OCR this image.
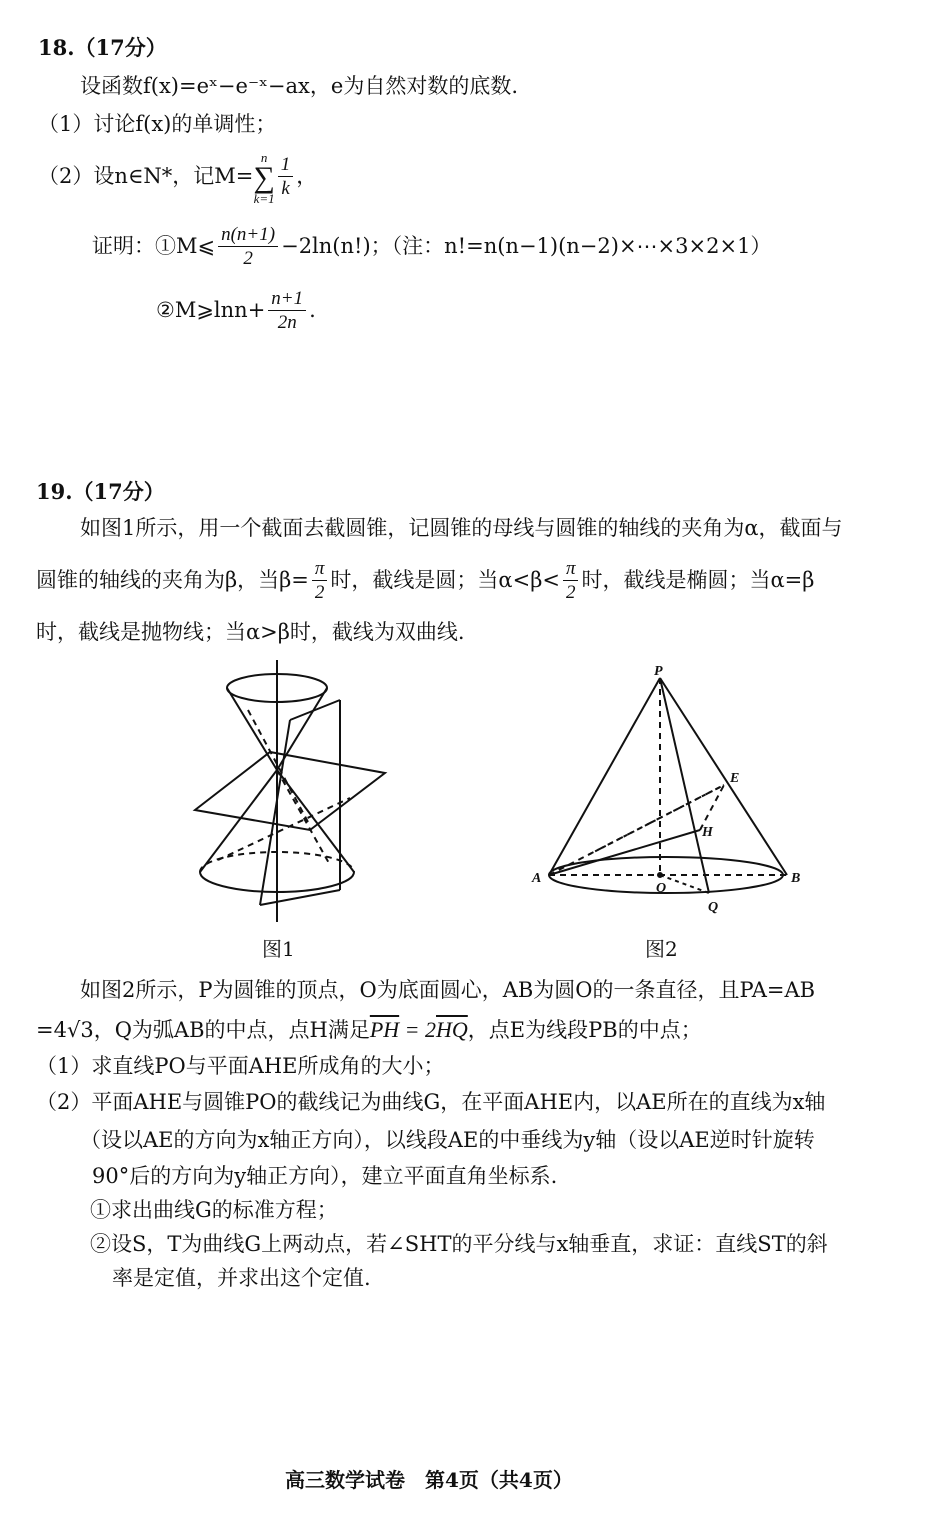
18.（17分）
设函数f(x)=eˣ−e⁻ˣ−ax，e为自然对数的底数.
（1）讨论f(x)的单调性；
（2）设n∈N*，记M=
n
∑
$k=1 \frac{1}{k}$ ，
证明：①M⩽ $\frac{n(n+1)}{2} -2\ln(n!)$；（注：n!=n(n−1)(n−2)×⋯×3×2×1）
②M⩾lnn+ $\frac{n+1}{2n}$ .
19.（17分）
如图1所示，用一个截面去截圆锥，记圆锥的母线与圆锥的轴线的夹角为α，截面与
圆锥的轴线的夹角为β，当$\beta= \frac{\pi}{2}$ 时，截线是圆；当$\alpha<\beta< \frac{\pi}{2}$ 时，截线是椭圆；当α=β
时，截线是抛物线；当α>β时，截线为双曲线.
图1
P
E
H
A
O
B
Q
图2
如图2所示，P为圆锥的顶点，O为底面圆心，AB为圆O的一条直径，且PA=AB
=4√3，Q为弧AB的中点，点H满足$\overline{PH} = 2\overline{HQ}$，点E为线段PB的中点；
（1）求直线PO与平面AHE所成角的大小；
（2）平面AHE与圆锥PO的截线记为曲线G，在平面AHE内，以AE所在的直线为x轴
（设以AE的方向为x轴正方向），以线段AE的中垂线为y轴（设以AE逆时针旋转
90°后的方向为y轴正方向），建立平面直角坐标系.
①求出曲线G的标准方程；
②设S，T为曲线G上两动点，若∠SHT的平分线与x轴垂直，求证：直线ST的斜
率是定值，并求出这个定值.
高三数学试卷　第4页（共4页）
